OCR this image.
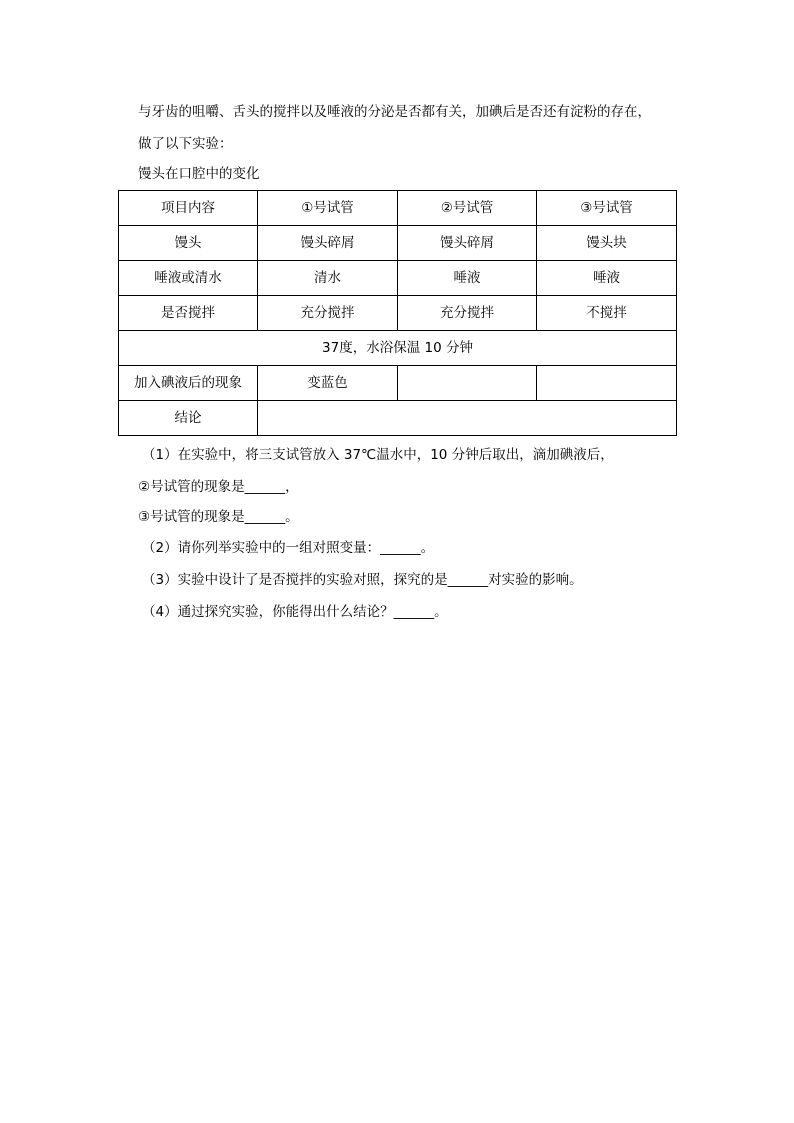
与牙齿的咀嚼、舌头的搅拌以及唾液的分泌是否都有关，加碘后是否还有淀粉的存在，
做了以下实验：
馒头在口腔中的变化
项目内容	①号试管	②号试管	③号试管
馒头	馒头碎屑	馒头碎屑	馒头块
唾液或清水	清水	唾液	唾液
是否搅拌	充分搅拌	充分搅拌	不搅拌
37度，水浴保温 10 分钟			
加入碘液后的现象	变蓝色		
结论			
（1）在实验中，将三支试管放入 37℃温水中，10 分钟后取出，滴加碘液后，
②号试管的现象是______，
③号试管的现象是______。
（2）请你列举实验中的一组对照变量：______。
（3）实验中设计了是否搅拌的实验对照，探究的是______对实验的影响。
（4）通过探究实验，你能得出什么结论？______。
